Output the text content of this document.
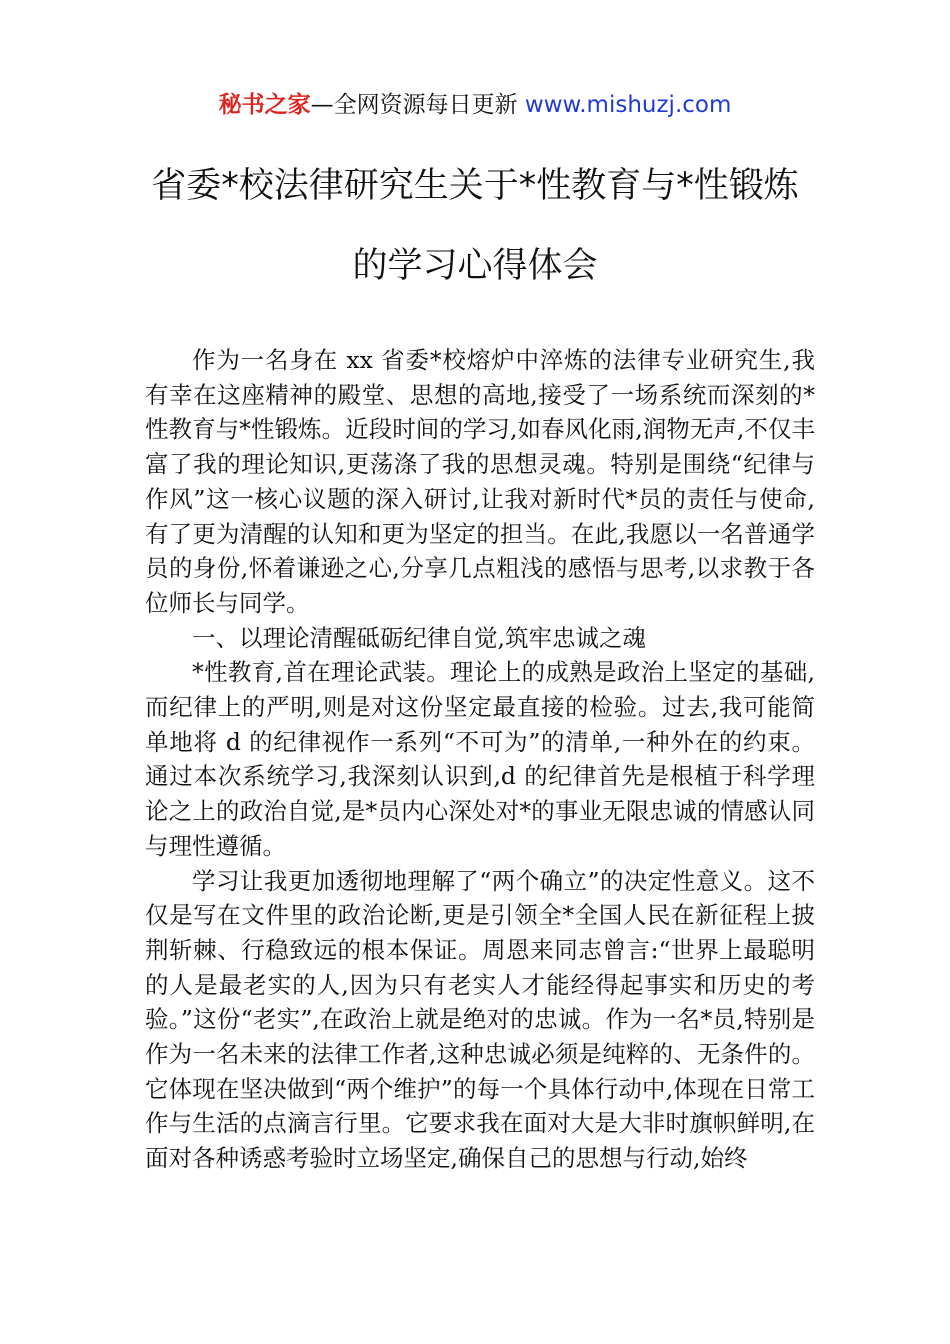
秘书之家—全网资源每日更新 www.mishuzj.com
省委*校法律研究生关于*性教育与*性锻炼
的学习心得体会

作为一名身在 xx 省委*校熔炉中淬炼的法律专业研究生,我有幸在这座精神的殿堂、思想的高地,接受了一场系统而深刻的*性教育与*性锻炼。近段时间的学习,如春风化雨,润物无声,不仅丰富了我的理论知识,更荡涤了我的思想灵魂。特别是围绕“纪律与作风”这一核心议题的深入研讨,让我对新时代*员的责任与使命,有了更为清醒的认知和更为坚定的担当。在此,我愿以一名普通学员的身份,怀着谦逊之心,分享几点粗浅的感悟与思考,以求教于各位师长与同学。

一、以理论清醒砥砺纪律自觉,筑牢忠诚之魂

*性教育,首在理论武装。理论上的成熟是政治上坚定的基础,而纪律上的严明,则是对这份坚定最直接的检验。过去,我可能简单地将 d 的纪律视作一系列“不可为”的清单,一种外在的约束。通过本次系统学习,我深刻认识到,d 的纪律首先是根植于科学理论之上的政治自觉,是*员内心深处对*的事业无限忠诚的情感认同与理性遵循。

学习让我更加透彻地理解了“两个确立”的决定性意义。这不仅是写在文件里的政治论断,更是引领全*全国人民在新征程上披荆斩棘、行稳致远的根本保证。周恩来同志曾言:“世界上最聪明的人是最老实的人,因为只有老实人才能经得起事实和历史的考验。”这份“老实”,在政治上就是绝对的忠诚。作为一名*员,特别是作为一名未来的法律工作者,这种忠诚必须是纯粹的、无条件的。它体现在坚决做到“两个维护”的每一个具体行动中,体现在日常工作与生活的点滴言行里。它要求我在面对大是大非时旗帜鲜明,在面对各种诱惑考验时立场坚定,确保自己的思想与行动,始终
